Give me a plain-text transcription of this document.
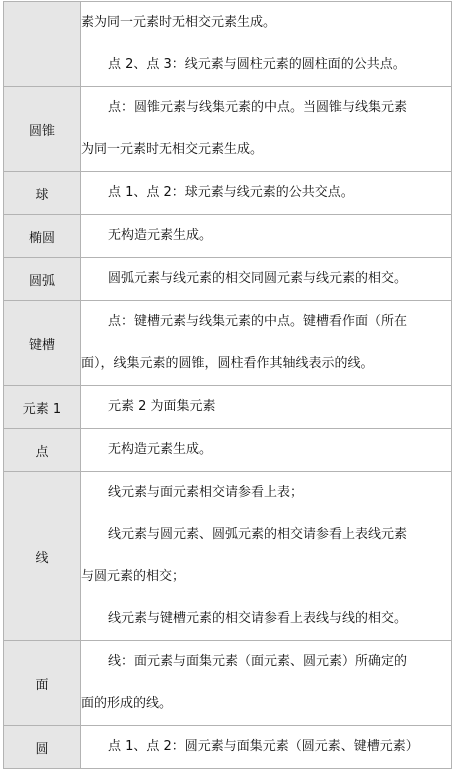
	素为同一元素时无相交元素生成。
点 2、点 3：线元素与圆柱元素的圆柱面的公共点。

圆锥	点：圆锥元素与线集元素的中点。当圆锥与线集元素
为同一元素时无相交元素生成。

球	点 1、点 2：球元素与线元素的公共交点。

椭圆	无构造元素生成。

圆弧	圆弧元素与线元素的相交同圆元素与线元素的相交。

键槽	点：键槽元素与线集元素的中点。键槽看作面（所在
面），线集元素的圆锥，圆柱看作其轴线表示的线。

元素 1	元素 2 为面集元素

点	无构造元素生成。

线	线元素与面元素相交请参看上表；
线元素与圆元素、圆弧元素的相交请参看上表线元素
与圆元素的相交；
线元素与键槽元素的相交请参看上表线与线的相交。

面	线：面元素与面集元素（面元素、圆元素）所确定的
面的形成的线。

圆	点 1、点 2：圆元素与面集元素（圆元素、键槽元素）
